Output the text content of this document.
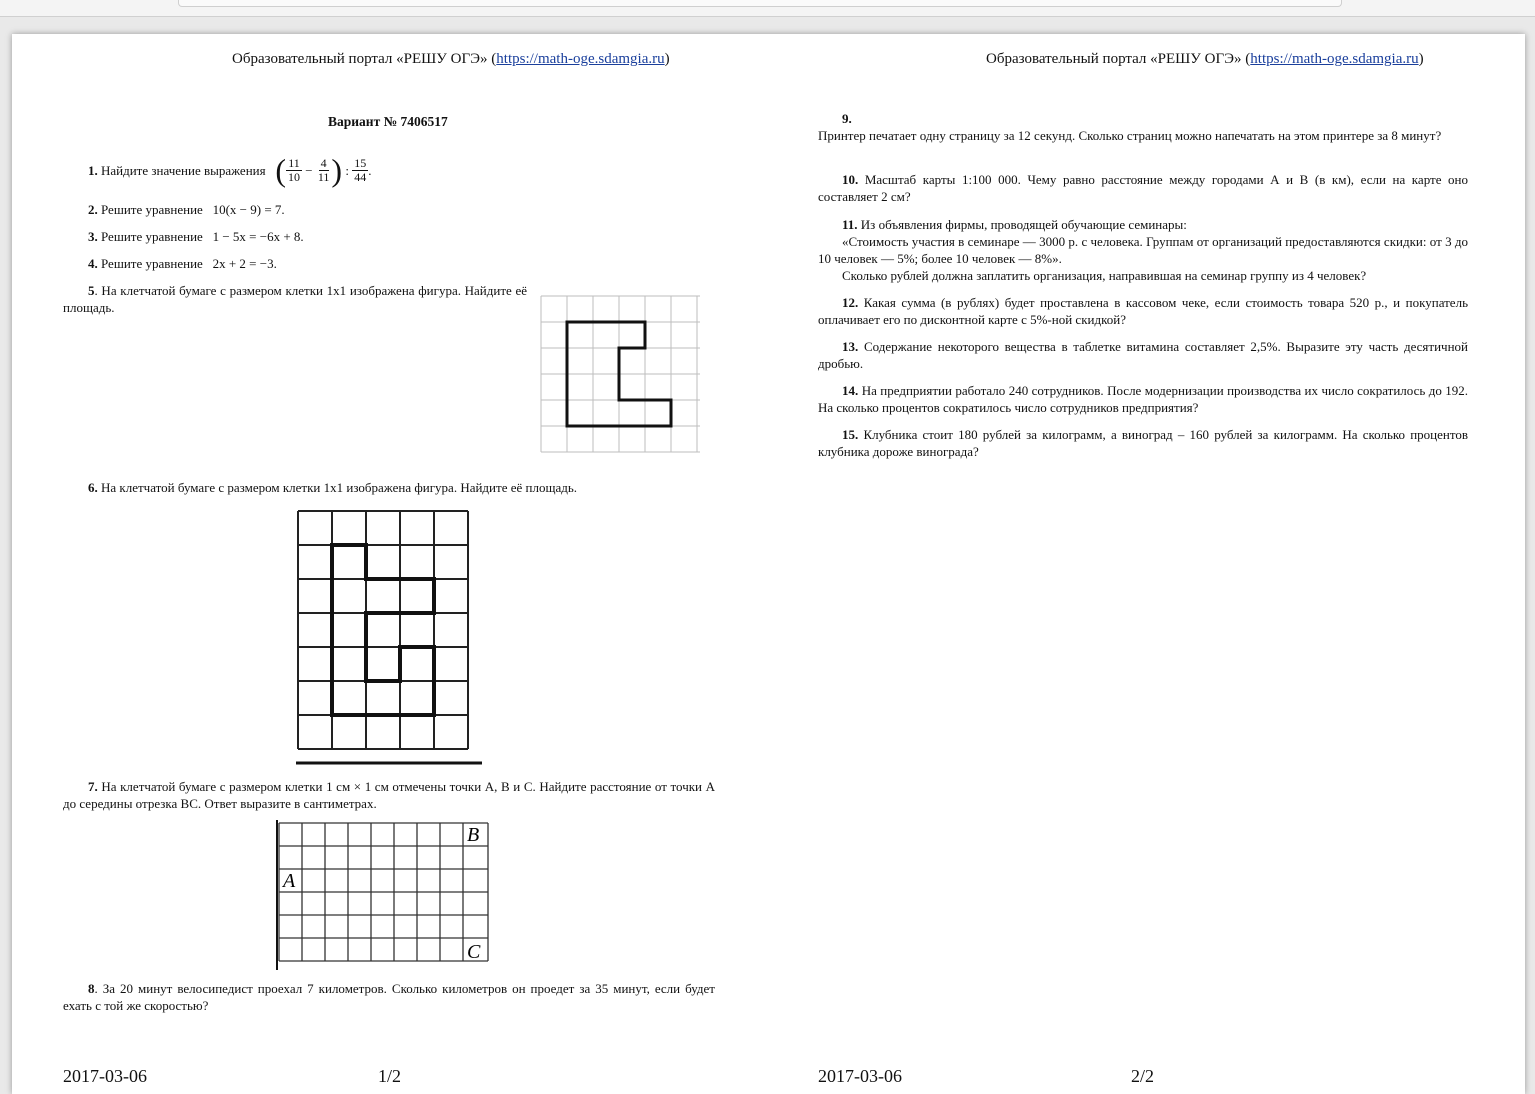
Образовательный портал «РЕШУ ОГЭ» (https://math-oge.sdamgia.ru)	Образовательный портал «РЕШУ ОГЭ» (https://math-oge.sdamgia.ru)
Вариант № 7406517
1.
Найдите значение выражения
( $\frac{11}{10} - \frac{4}{11}$ ) : $\frac{15}{44}$ .
2. Решите уравнение 10(x − 9) = 7.
3. Решите уравнение 1 − 5x = −6x + 8.
4. Решите уравнение 2x + 2 = −3.
5. На клетчатой бумаге с размером клетки 1х1 изображена фигура. Найдите её площадь.
6. На клетчатой бумаге с размером клетки 1х1 изображена фигура. Найдите её площадь.
7. На клетчатой бумаге с размером клетки 1 см × 1 см отмечены точки A, B и C. Найдите расстояние от точки A до середины отрезка BC. Ответ выразите в сантиметрах.
A
B
C
8. За 20 минут велосипедист проехал 7 километров. Сколько километров он проедет за 35 минут, если будет ехать с той же скоростью?
2017-03-06	1/2
9.
Принтер печатает одну страницу за 12 секунд. Сколько страниц можно напечатать на этом принтере за 8 минут?
10. Масштаб карты 1:100 000. Чему равно расстояние между городами А и В (в км), если на карте оно составляет 2 см?
11. Из объявления фирмы, проводящей обучающие семинары:
«Стоимость участия в семинаре — 3000 р. с человека. Группам от организаций предоставляются скидки: от 3 до 10 человек — 5%; более 10 человек — 8%».
Сколько рублей должна заплатить организация, направившая на семинар группу из 4 человек?
12. Какая сумма (в рублях) будет проставлена в кассовом чеке, если стоимость товара 520 р., и покупатель оплачивает его по дисконтной карте с 5%-ной скидкой?
13. Содержание некоторого вещества в таблетке витамина составляет 2,5%. Выразите эту часть десятичной дробью.
14. На предприятии работало 240 сотрудников. После модернизации производства их число сократилось до 192. На сколько процентов сократилось число сотрудников предприятия?
15. Клубника стоит 180 рублей за килограмм, а виноград – 160 рублей за килограмм. На сколько процентов клубника дороже винограда?
2017-03-06	2/2
